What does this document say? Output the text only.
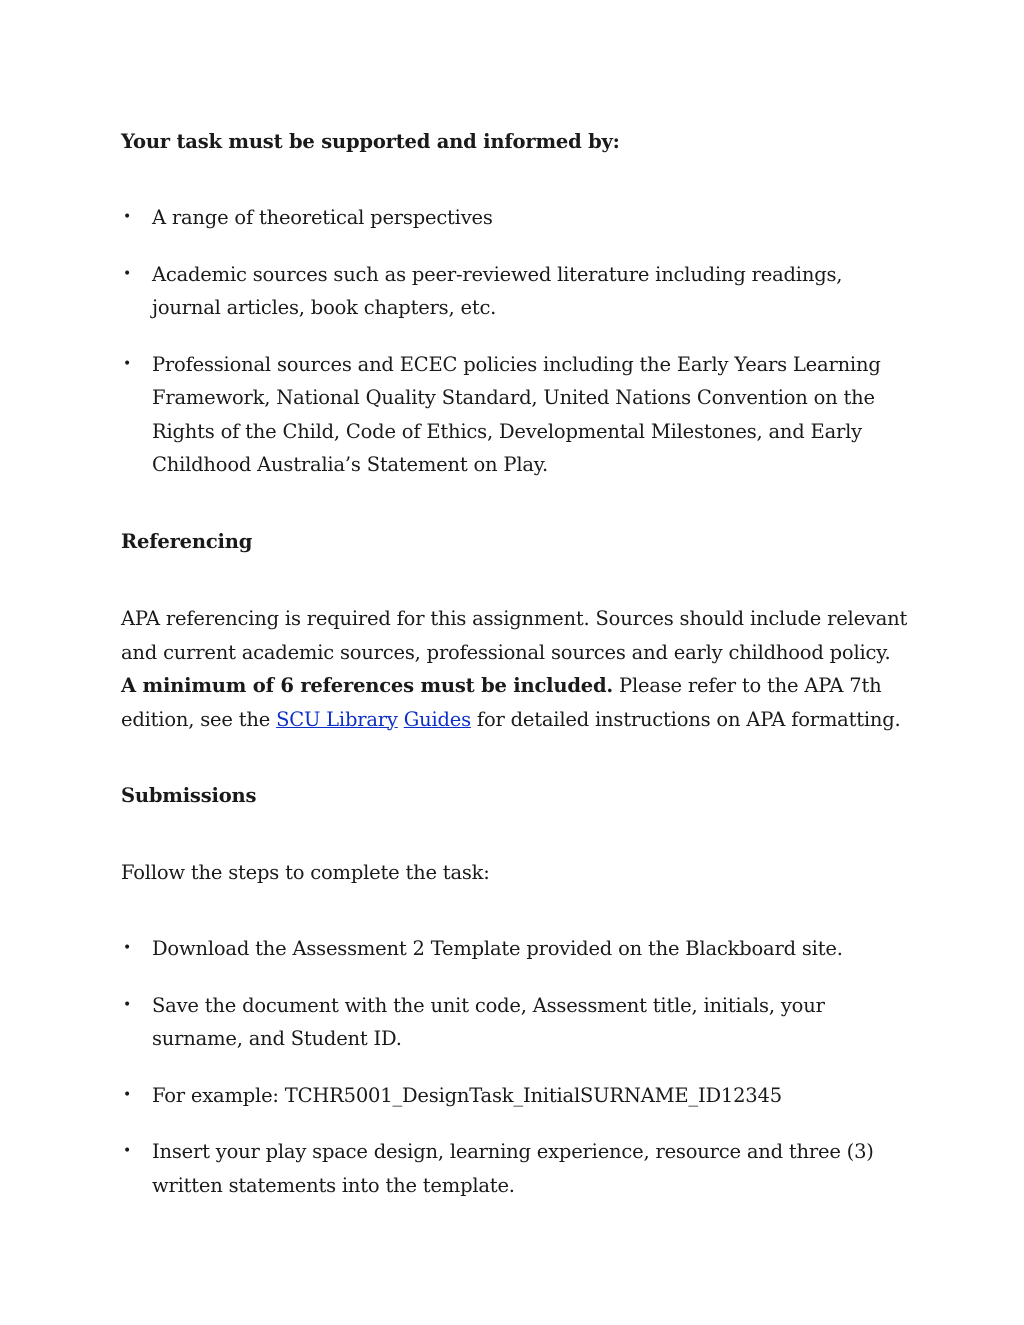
Your task must be supported and informed by:

• A range of theoretical perspectives
• Academic sources such as peer-reviewed literature including readings, journal articles, book chapters, etc.
• Professional sources and ECEC policies including the Early Years Learning Framework, National Quality Standard, United Nations Convention on the Rights of the Child, Code of Ethics, Developmental Milestones, and Early Childhood Australia’s Statement on Play.

Referencing

APA referencing is required for this assignment. Sources should include relevant and current academic sources, professional sources and early childhood policy. A minimum of 6 references must be included. Please refer to the APA 7th edition, see the SCU Library Guides for detailed instructions on APA formatting.

Submissions

Follow the steps to complete the task:

• Download the Assessment 2 Template provided on the Blackboard site.
• Save the document with the unit code, Assessment title, initials, your surname, and Student ID.
• For example: TCHR5001_DesignTask_InitialSURNAME_ID12345
• Insert your play space design, learning experience, resource and three (3) written statements into the template.
